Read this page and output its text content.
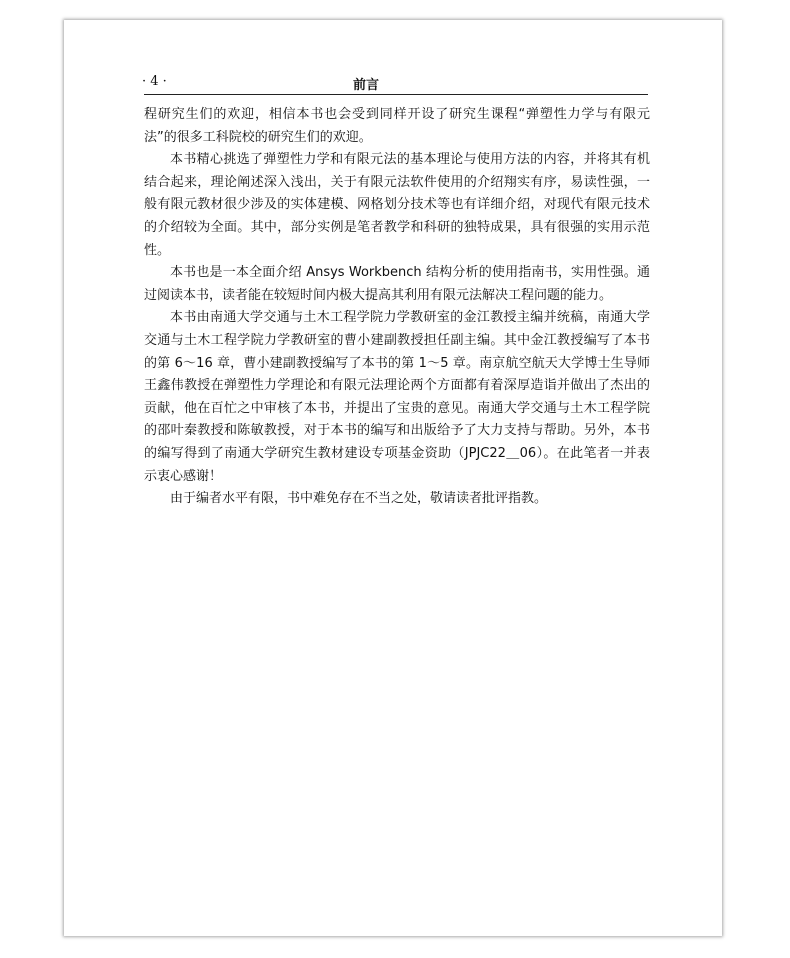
· 4 ·	前言

程研究生们的欢迎，相信本书也会受到同样开设了研究生课程“弹塑性力学与有限元法”的很多工科院校的研究生们的欢迎。

本书精心挑选了弹塑性力学和有限元法的基本理论与使用方法的内容，并将其有机结合起来，理论阐述深入浅出，关于有限元法软件使用的介绍翔实有序，易读性强，一般有限元教材很少涉及的实体建模、网格划分技术等也有详细介绍，对现代有限元技术的介绍较为全面。其中，部分实例是笔者教学和科研的独特成果，具有很强的实用示范性。

本书也是一本全面介绍 Ansys Workbench 结构分析的使用指南书，实用性强。通过阅读本书，读者能在较短时间内极大提高其利用有限元法解决工程问题的能力。

本书由南通大学交通与土木工程学院力学教研室的金江教授主编并统稿，南通大学交通与土木工程学院力学教研室的曹小建副教授担任副主编。其中金江教授编写了本书的第 6～16 章，曹小建副教授编写了本书的第 1～5 章。南京航空航天大学博士生导师王鑫伟教授在弹塑性力学理论和有限元法理论两个方面都有着深厚造诣并做出了杰出的贡献，他在百忙之中审核了本书，并提出了宝贵的意见。南通大学交通与土木工程学院的邵叶秦教授和陈敏教授，对于本书的编写和出版给予了大力支持与帮助。另外，本书的编写得到了南通大学研究生教材建设专项基金资助（JPJC22＿06）。在此笔者一并表示衷心感谢！

由于编者水平有限，书中难免存在不当之处，敬请读者批评指教。
